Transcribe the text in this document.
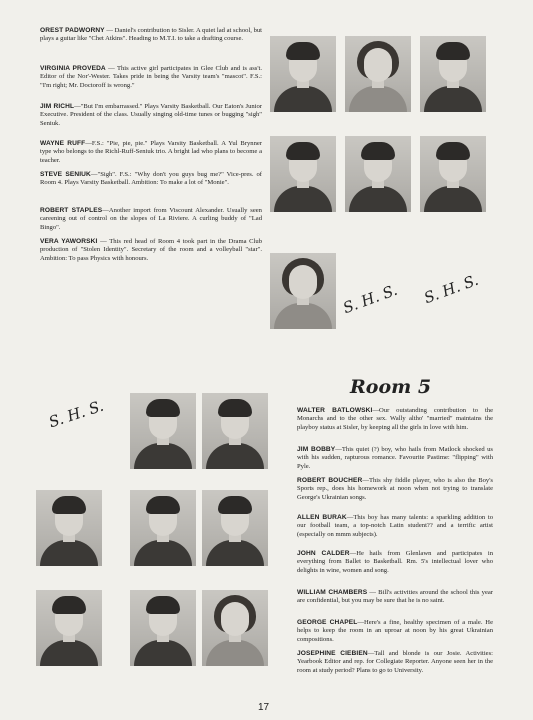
OREST PADWORNY — Daniel's contribution to Sisler. A quiet lad at school, but plays a guitar like "Chet Atkins". Heading to M.T.I. to take a drafting course.
VIRGINIA PROVEDA — This active girl participates in Glee Club and is ass't. Editor of the Nor'-Wester. Takes pride in being the Varsity team's "mascot". F.S.: "I'm right; Mr. Doctoroff is wrong."
JIM RICHL—"But I'm embarrassed." Plays Varsity Basketball. Our Eaton's Junior Executive. President of the class. Usually singing old-time tunes or bugging "sigh" Seniuk.
WAYNE RUFF—F.S.: "Pie, pie, pie." Plays Varsity Basketball. A Yul Brynner type who belongs to the Richl-Ruff-Seniuk trio. A bright lad who plans to become a teacher.
STEVE SENIUK—"Sigh". F.S.: "Why don't you guys bug me?" Vice-pres. of Room 4. Plays Varsity Basketball. Ambition: To make a lot of "Monie".
ROBERT STAPLES—Another import from Viscount Alexander. Usually seen careening out of control on the slopes of La Riviere. A curling buddy of "Lad Bingo".
VERA YAWORSKI — This red head of Room 4 took part in the Drama Club production of "Stolen Identity". Secretary of the room and a volleyball "star". Ambition: To pass Physics with honours.
S. H. S. S. H. S.
S. H. S.
Room 5
WALTER BATLOWSKI—Our outstanding contribution to the Monarchs and to the other sex. Wally altho' "married" maintains the playboy status at Sisler, by keeping all the girls in love with him.
JIM BOBBY—This quiet (?) boy, who hails from Matlock shocked us with his sudden, rapturous romance. Favourite Pastime: "flipping" with Pyle.
ROBERT BOUCHER—This shy fiddle player, who is also the Boy's Sports rep., does his homework at noon when not trying to translate George's Ukrainian songs.
ALLEN BURAK—This boy has many talents: a sparkling addition to our football team, a top-notch Latin student?? and a terrific artist (especially on mmm subjects).
JOHN CALDER—He hails from Glenlawn and participates in everything from Ballet to Basketball. Rm. 5's intellectual lover who delights in wine, women and song.
WILLIAM CHAMBERS — Bill's activities around the school this year are confidential, but you may be sure that he is no saint.
GEORGE CHAPEL—Here's a fine, healthy specimen of a male. He helps to keep the room in an uproar at noon by his great Ukrainian compositions.
JOSEPHINE CIEBIEN—Tall and blonde is our Josie. Activities: Yearbook Editor and rep. for Collegiate Reporter. Anyone seen her in the room at study period? Plans to go to University.
17
